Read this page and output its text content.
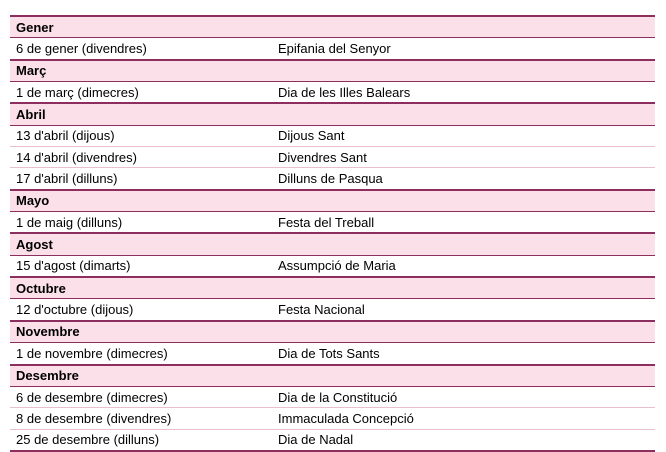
Gener	
6 de gener (divendres)	Epifania del Senyor
Març	
1 de març (dimecres)	Dia de les Illes Balears
Abril	
13 d'abril (dijous)	Dijous Sant
14 d'abril (divendres)	Divendres Sant
17 d'abril (dilluns)	Dilluns de Pasqua
Mayo	
1 de maig (dilluns)	Festa del Treball
Agost	
15 d'agost (dimarts)	Assumpció de Maria
Octubre	
12 d'octubre (dijous)	Festa Nacional
Novembre	
1 de novembre (dimecres)	Dia de Tots Sants
Desembre	
6 de desembre (dimecres)	Dia de la Constitució
8 de desembre (divendres)	Immaculada Concepció
25 de desembre (dilluns)	Dia de Nadal
